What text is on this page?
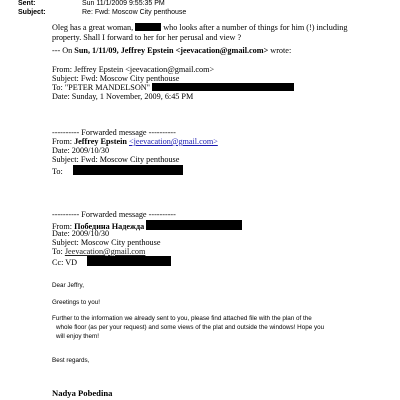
Sent:	Sun 11/1/2009 9:55:35 PM
Subject:	Re: Fwd: Moscow City penthouse
Oleg has a great woman,	who looks after a number of things for him (!) including
property. Shall I forward to her for her perusal and view ?
--- On Sun, 1/11/09, Jeffrey Epstein <jeevacation@gmail.com> wrote:
From: Jeffrey Epstein <jeevacation@gmail.com>
Subject: Fwd: Moscow City penthouse
To: "PETER MANDELSON"
Date: Sunday, 1 November, 2009, 6:45 PM
---------- Forwarded message ----------
From: Jeffrey Epstein <jeevacation@gmail.com>
Date: 2009/10/30
Subject: Fwd: Moscow City penthouse
To:
---------- Forwarded message ----------
From: Победина Надежда
Date: 2009/10/30
Subject: Moscow City penthouse
To: Jeevacation@gmail.com
Cc: VD
Dear Jeffry,
Greetings to you!
Further to the information we already sent to you, please find attached file with the plan of the
whole floor (as per your request) and some views of the plat and outside the windows! Hope you
will enjoy them!
Best regards,
Nadya Pobedina
